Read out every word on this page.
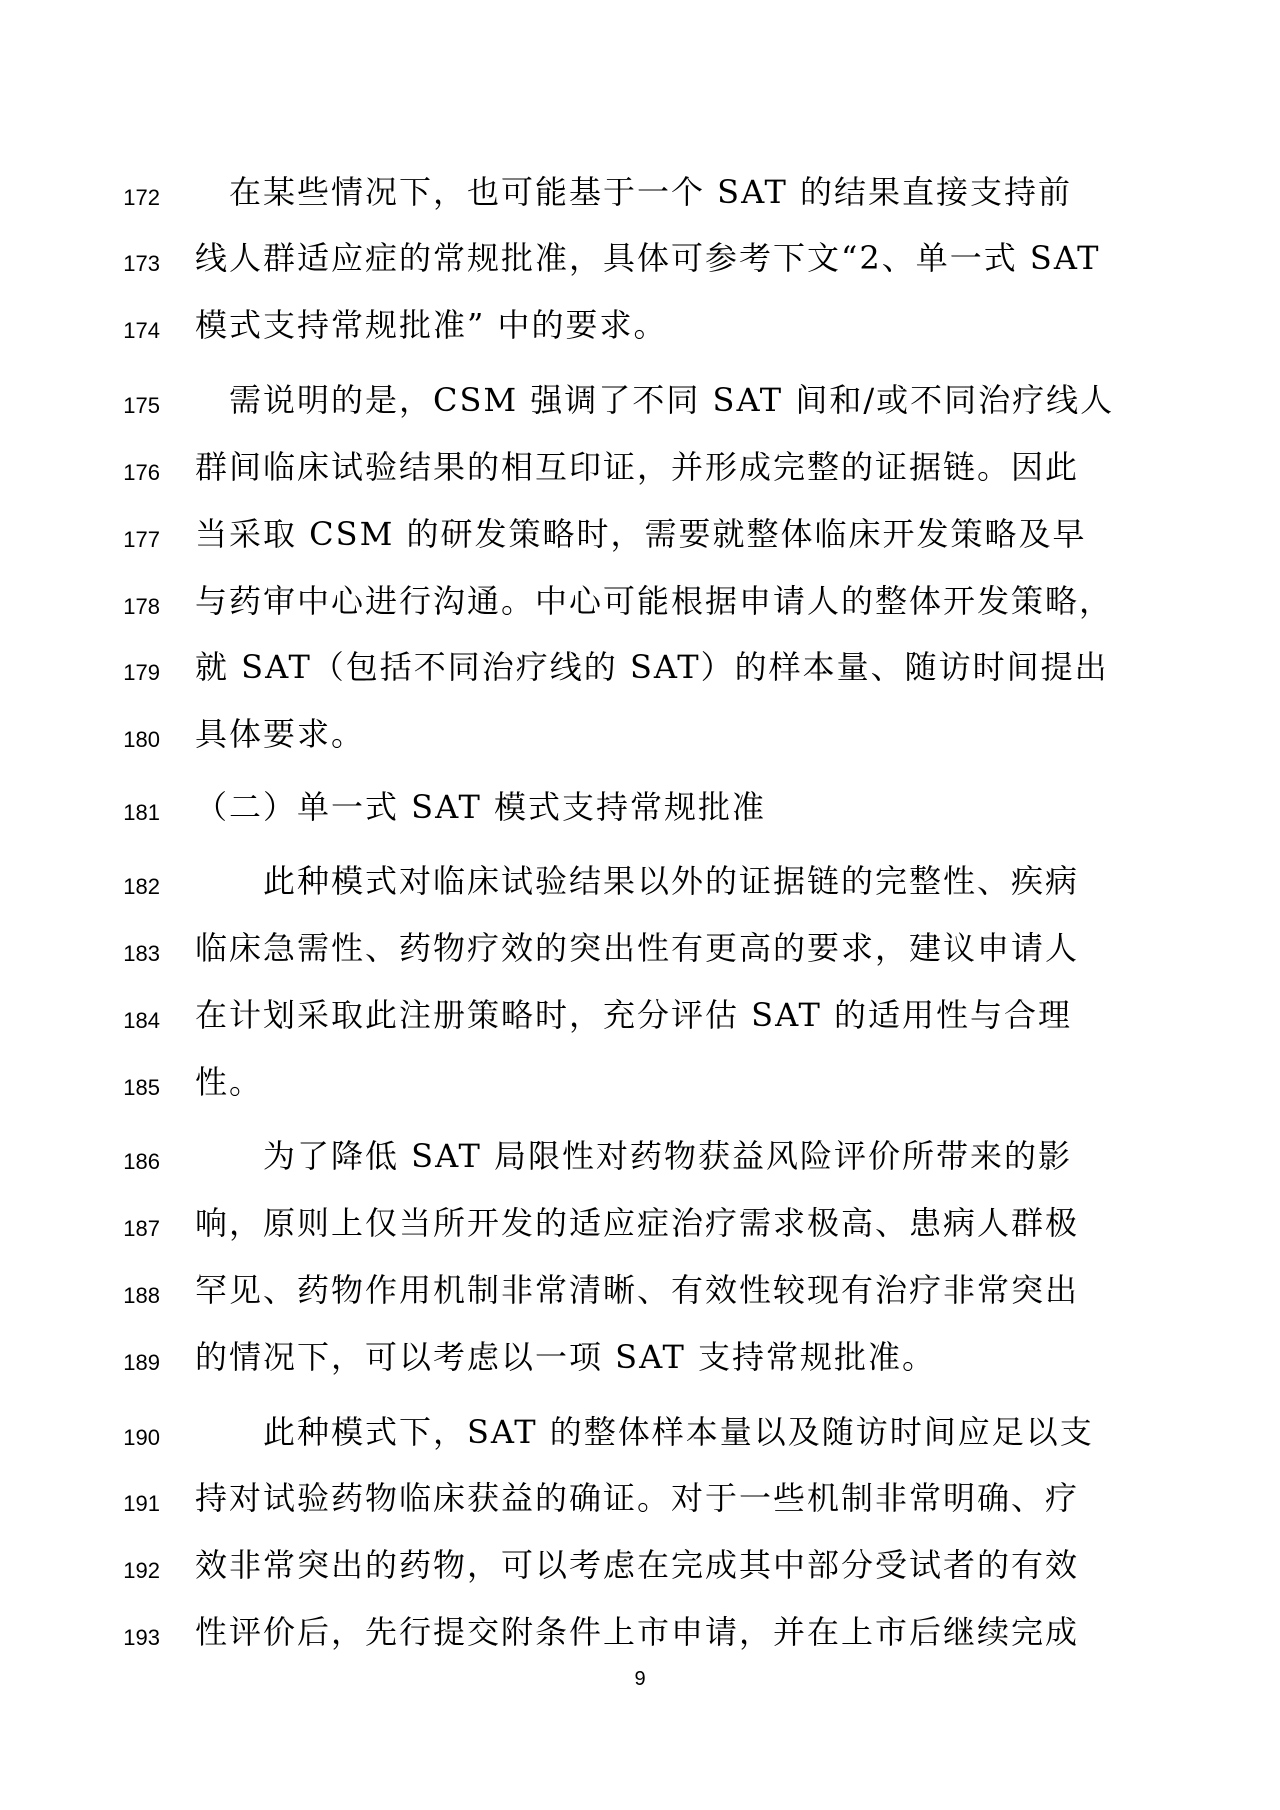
172 　在某些情况下，也可能基于一个 SAT 的结果直接支持前
173 线人群适应症的常规批准，具体可参考下文“2、单一式 SAT
174 模式支持常规批准” 中的要求。
175 　需说明的是，CSM 强调了不同 SAT 间和/或不同治疗线人
176 群间临床试验结果的相互印证，并形成完整的证据链。因此
177 当采取 CSM 的研发策略时，需要就整体临床开发策略及早
178 与药审中心进行沟通。中心可能根据申请人的整体开发策略，
179 就 SAT（包括不同治疗线的 SAT）的样本量、随访时间提出
180 具体要求。
181 （二）单一式 SAT 模式支持常规批准
182 　　此种模式对临床试验结果以外的证据链的完整性、疾病
183 临床急需性、药物疗效的突出性有更高的要求，建议申请人
184 在计划采取此注册策略时，充分评估 SAT 的适用性与合理
185 性。
186 　　为了降低 SAT 局限性对药物获益风险评价所带来的影
187 响，原则上仅当所开发的适应症治疗需求极高、患病人群极
188 罕见、药物作用机制非常清晰、有效性较现有治疗非常突出
189 的情况下，可以考虑以一项 SAT 支持常规批准。
190 　　此种模式下，SAT 的整体样本量以及随访时间应足以支
191 持对试验药物临床获益的确证。对于一些机制非常明确、疗
192 效非常突出的药物，可以考虑在完成其中部分受试者的有效
193 性评价后，先行提交附条件上市申请，并在上市后继续完成
9
